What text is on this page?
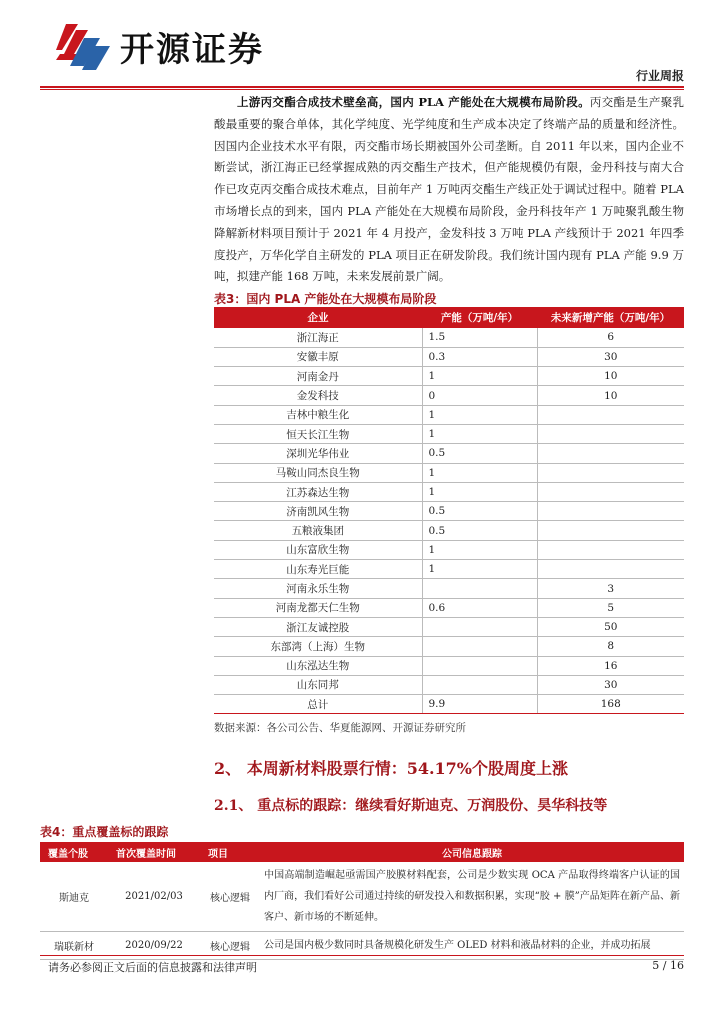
开源证券
行业周报

上游丙交酯合成技术壁垒高，国内 PLA 产能处在大规模布局阶段。丙交酯是生产聚乳酸最重要的聚合单体，其化学纯度、光学纯度和生产成本决定了终端产品的质量和经济性。因国内企业技术水平有限，丙交酯市场长期被国外公司垄断。自 2011 年以来，国内企业不断尝试，浙江海正已经掌握成熟的丙交酯生产技术，但产能规模仍有限，金丹科技与南大合作已攻克丙交酯合成技术难点，目前年产 1 万吨丙交酯生产线正处于调试过程中。随着 PLA 市场增长点的到来，国内 PLA 产能处在大规模布局阶段，金丹科技年产 1 万吨聚乳酸生物降解新材料项目预计于 2021 年 4 月投产，金发科技 3 万吨 PLA 产线预计于 2021 年四季度投产，万华化学自主研发的 PLA 项目正在研发阶段。我们统计国内现有 PLA 产能 9.9 万吨，拟建产能 168 万吨，未来发展前景广阔。

表3：国内 PLA 产能处在大规模布局阶段
企业	产能（万吨/年）	未来新增产能（万吨/年）
浙江海正	1.5	6
安徽丰原	0.3	30
河南金丹	1	10
金发科技	0	10
吉林中粮生化	1	
恒天长江生物	1	
深圳光华伟业	0.5	
马鞍山同杰良生物	1	
江苏森达生物	1	
济南凯风生物	0.5	
五粮液集团	0.5	
山东富欣生物	1	
山东寿光巨能	1	
河南永乐生物		3
河南龙都天仁生物	0.6	5
浙江友诚控股		50
东部湾（上海）生物		8
山东泓达生物		16
山东同邦		30
总计	9.9	168
数据来源：各公司公告、华夏能源网、开源证券研究所
2、 本周新材料股票行情：54.17%个股周度上涨
2.1、 重点标的跟踪：继续看好斯迪克、万润股份、昊华科技等
表4：重点覆盖标的跟踪
覆盖个股	首次覆盖时间	项目	公司信息跟踪
斯迪克	2021/02/03	核心逻辑	中国高端制造崛起亟需国产胶膜材料配套，公司是少数实现 OCA 产品取得终端客户认证的国内厂商，我们看好公司通过持续的研发投入和数据积累，实现“胶 + 膜”产品矩阵在新产品、新客户、新市场的不断延伸。
瑞联新材	2020/09/22	核心逻辑	公司是国内极少数同时具备规模化研发生产 OLED 材料和液晶材料的企业，并成功拓展
请务必参阅正文后面的信息披露和法律声明	5 / 16
